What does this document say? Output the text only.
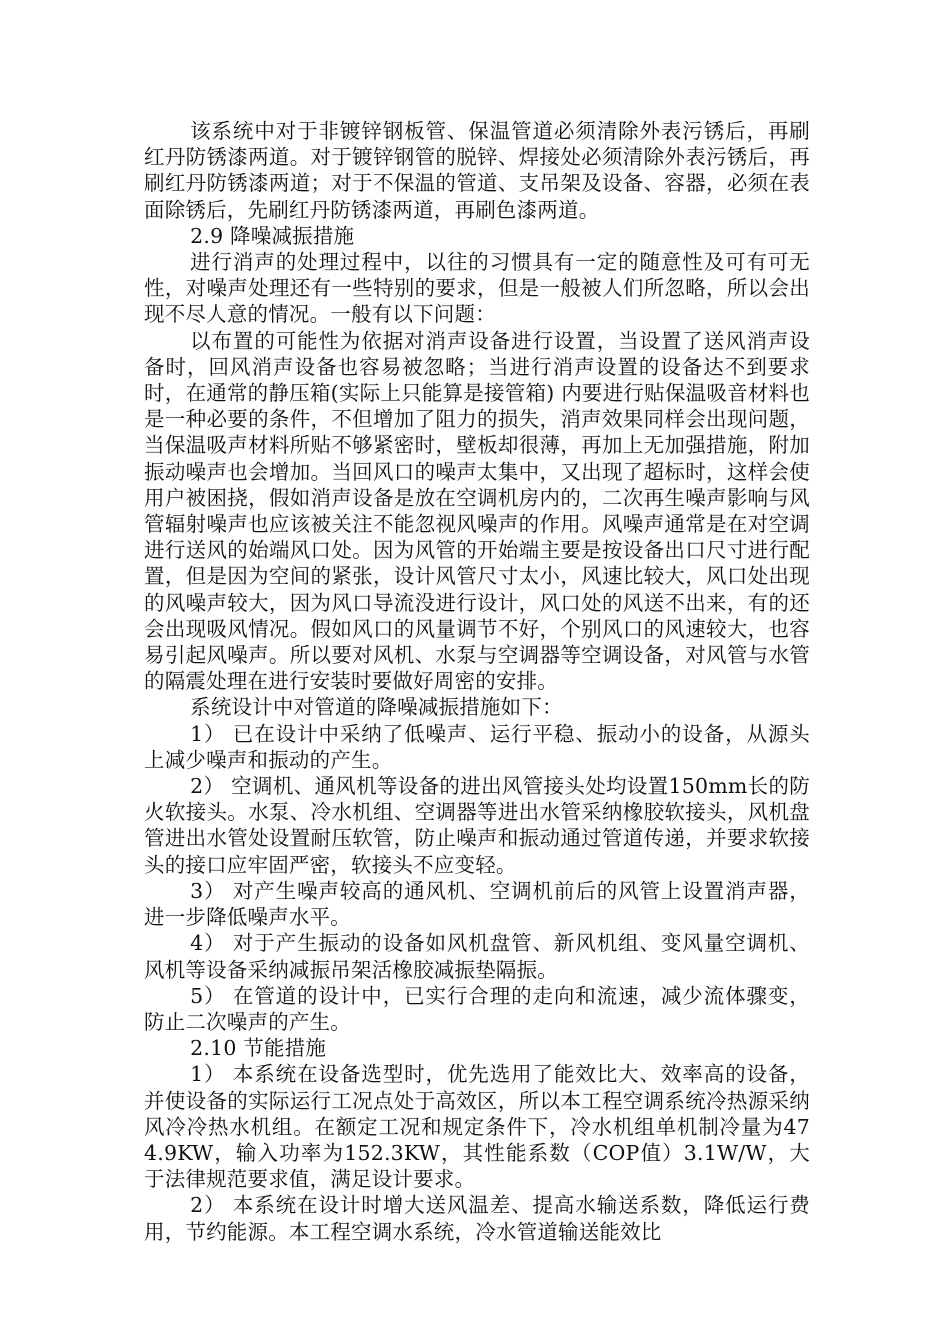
该系统中对于非镀锌钢板管、保温管道必须清除外表污锈后，再刷红丹防锈漆两道。对于镀锌钢管的脱锌、焊接处必须清除外表污锈后，再刷红丹防锈漆两道；对于不保温的管道、支吊架及设备、容器，必须在表面除锈后，先刷红丹防锈漆两道，再刷色漆两道。

2.9 降噪减振措施

进行消声的处理过程中，以往的习惯具有一定的随意性及可有可无性，对噪声处理还有一些特别的要求，但是一般被人们所忽略，所以会出现不尽人意的情况。一般有以下问题：

以布置的可能性为依据对消声设备进行设置，当设置了送风消声设备时，回风消声设备也容易被忽略；当进行消声设置的设备达不到要求时，在通常的静压箱(实际上只能算是接管箱) 内要进行贴保温吸音材料也是一种必要的条件，不但增加了阻力的损失，消声效果同样会出现问题，当保温吸声材料所贴不够紧密时，壁板却很薄，再加上无加强措施，附加振动噪声也会增加。当回风口的噪声太集中，又出现了超标时，这样会使用户被困挠，假如消声设备是放在空调机房内的，二次再生噪声影响与风管辐射噪声也应该被关注不能忽视风噪声的作用。风噪声通常是在对空调进行送风的始端风口处。因为风管的开始端主要是按设备出口尺寸进行配置，但是因为空间的紧张，设计风管尺寸太小，风速比较大，风口处出现的风噪声较大，因为风口导流没进行设计，风口处的风送不出来，有的还会出现吸风情况。假如风口的风量调节不好，个别风口的风速较大，也容易引起风噪声。所以要对风机、水泵与空调器等空调设备，对风管与水管的隔震处理在进行安装时要做好周密的安排。

系统设计中对管道的降噪减振措施如下：

1） 已在设计中采纳了低噪声、运行平稳、振动小的设备，从源头上减少噪声和振动的产生。

2） 空调机、通风机等设备的进出风管接头处均设置150mm长的防火软接头。水泵、冷水机组、空调器等进出水管采纳橡胶软接头，风机盘管进出水管处设置耐压软管，防止噪声和振动通过管道传递，并要求软接头的接口应牢固严密，软接头不应变轻。

3） 对产生噪声较高的通风机、空调机前后的风管上设置消声器，进一步降低噪声水平。

4） 对于产生振动的设备如风机盘管、新风机组、变风量空调机、风机等设备采纳减振吊架活橡胶减振垫隔振。

5） 在管道的设计中，已实行合理的走向和流速，减少流体骤变，防止二次噪声的产生。

2.10 节能措施

1） 本系统在设备选型时，优先选用了能效比大、效率高的设备，并使设备的实际运行工况点处于高效区，所以本工程空调系统冷热源采纳风冷冷热水机组。在额定工况和规定条件下，冷水机组单机制冷量为474.9KW，输入功率为152.3KW，其性能系数（COP值）3.1W/W，大于法律规范要求值，满足设计要求。

2） 本系统在设计时增大送风温差、提高水输送系数，降低运行费用，节约能源。本工程空调水系统，冷水管道输送能效比
